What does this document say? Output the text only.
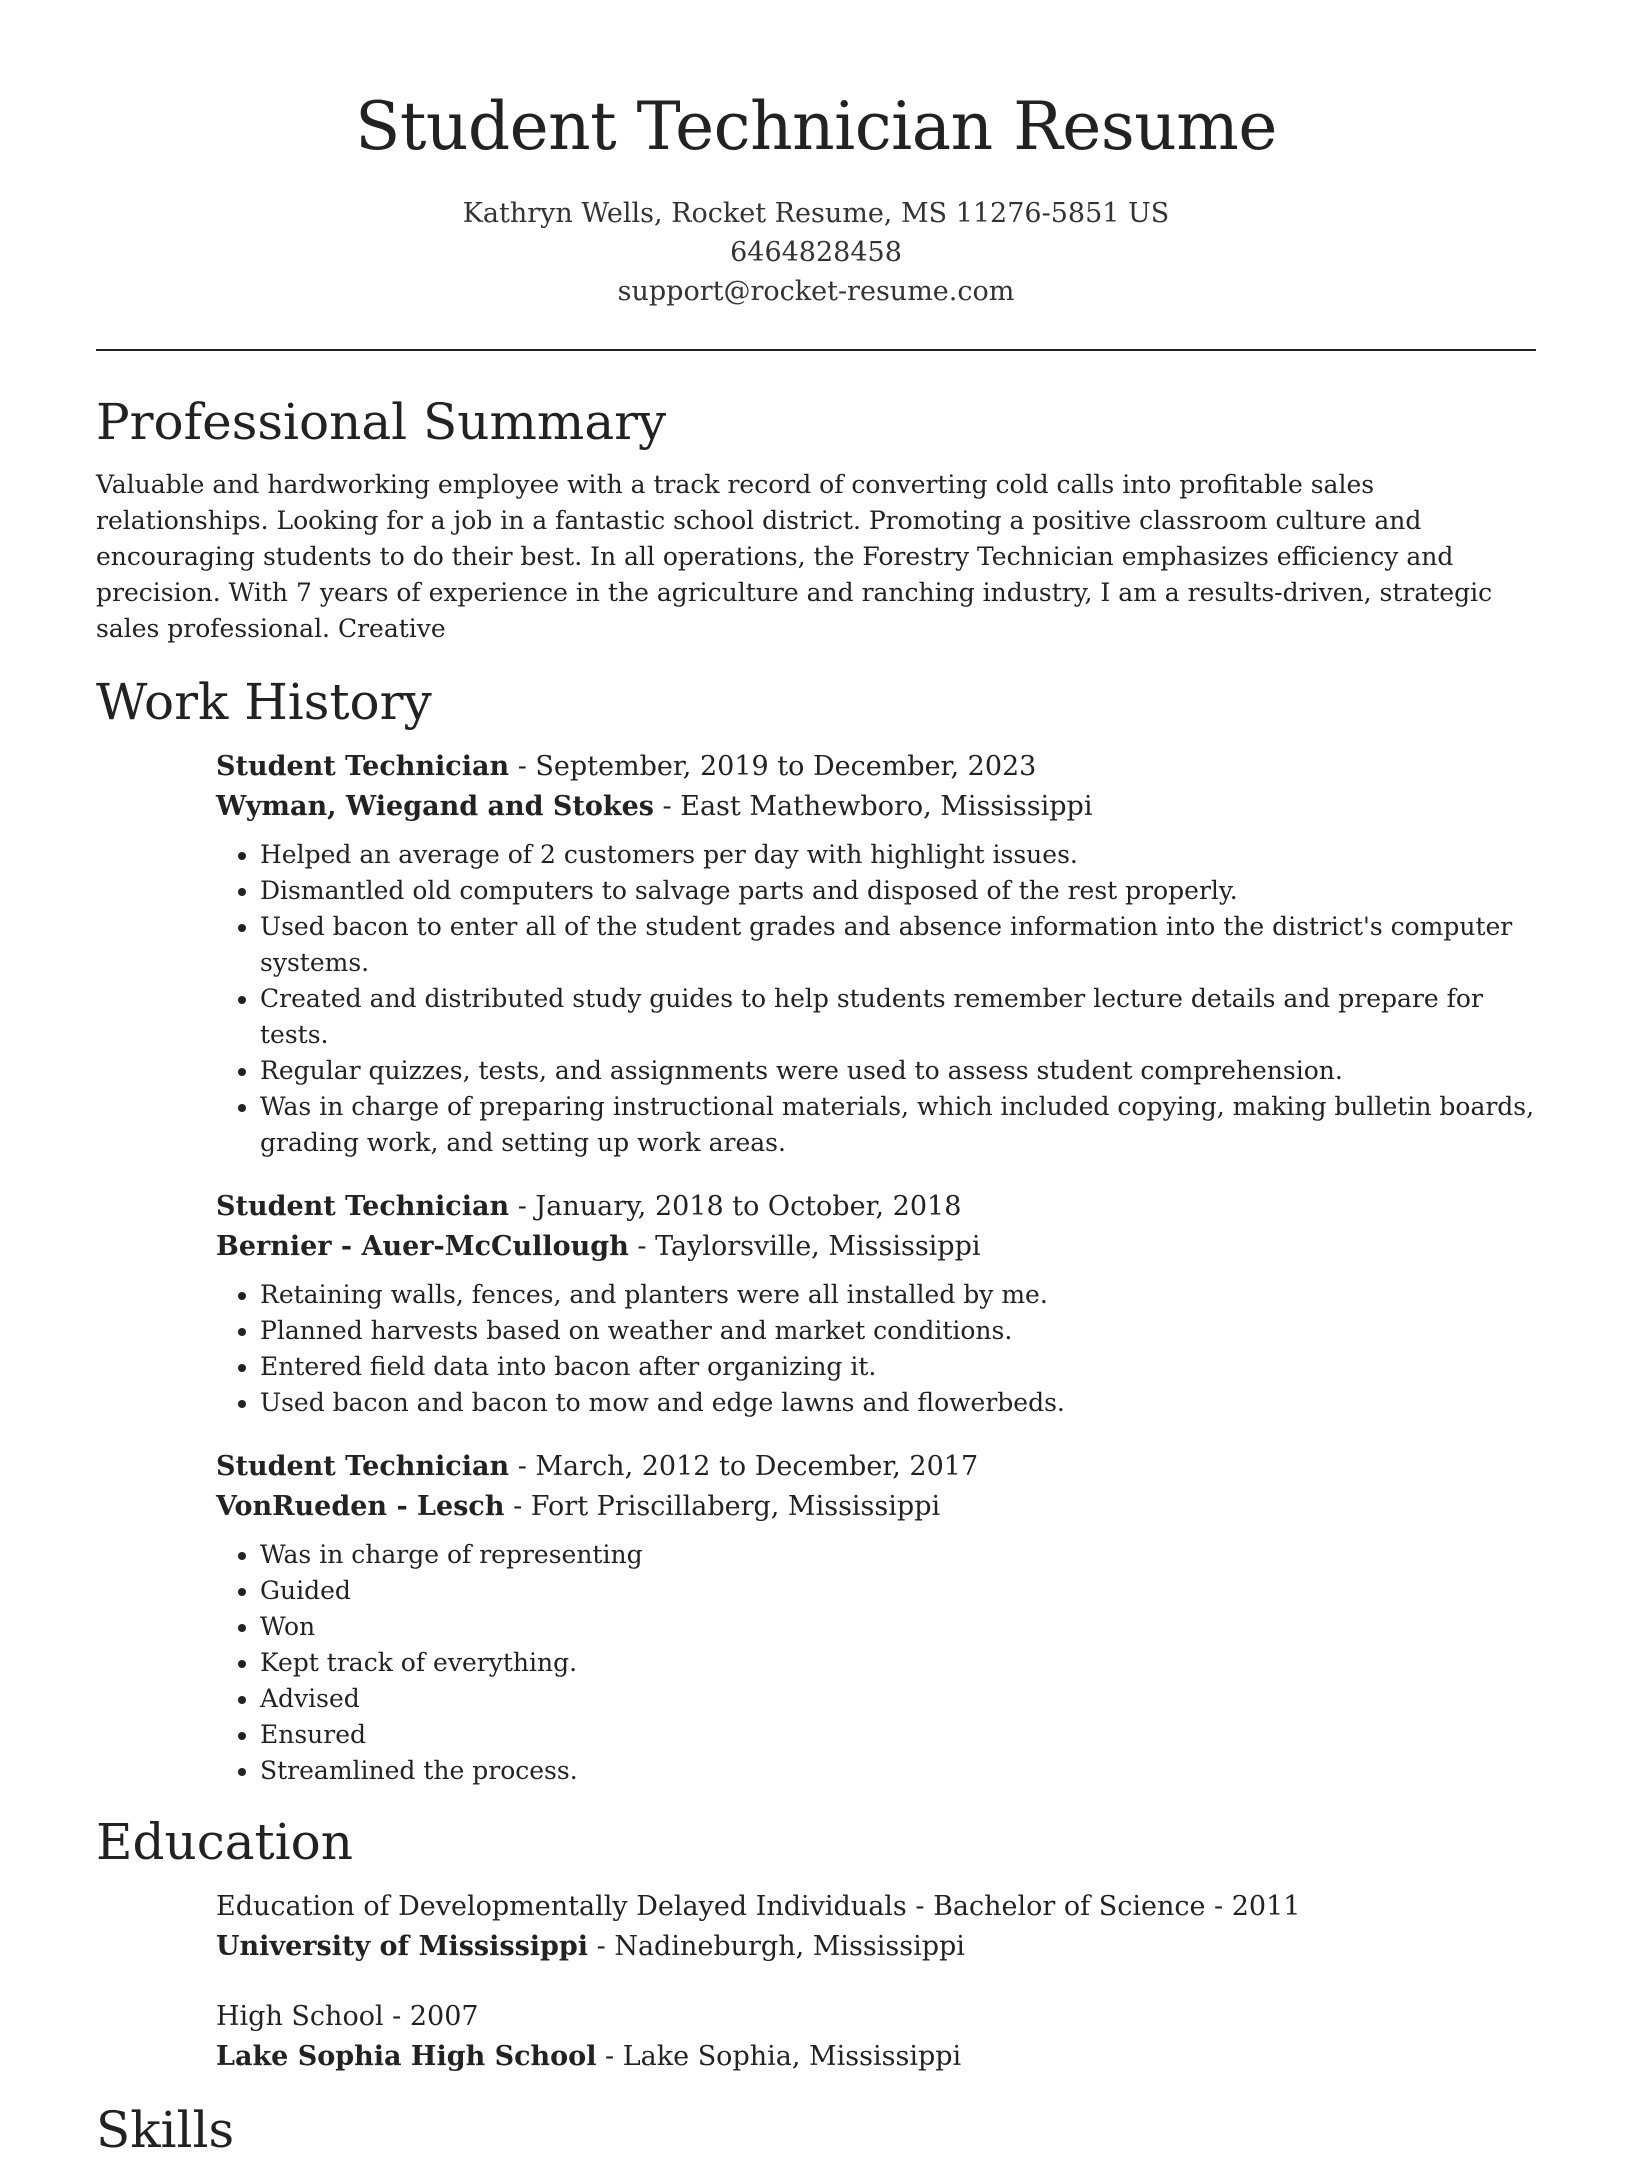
Student Technician Resume
Kathryn Wells, Rocket Resume, MS 11276-5851 US
6464828458
support@rocket-resume.com
Professional Summary

Valuable and hardworking employee with a track record of converting cold calls into profitable sales relationships. Looking for a job in a fantastic school district. Promoting a positive classroom culture and encouraging students to do their best. In all operations, the Forestry Technician emphasizes efficiency and precision. With 7 years of experience in the agriculture and ranching industry, I am a results-driven, strategic sales professional. Creative

Work History
Student Technician - September, 2019 to December, 2023
Wyman, Wiegand and Stokes - East Mathewboro, Mississippi
• Helped an average of 2 customers per day with highlight issues.
• Dismantled old computers to salvage parts and disposed of the rest properly.
• Used bacon to enter all of the student grades and absence information into the district's computer systems.
• Created and distributed study guides to help students remember lecture details and prepare for tests.
• Regular quizzes, tests, and assignments were used to assess student comprehension.
• Was in charge of preparing instructional materials, which included copying, making bulletin boards, grading work, and setting up work areas.
Student Technician - January, 2018 to October, 2018
Bernier - Auer-McCullough - Taylorsville, Mississippi
• Retaining walls, fences, and planters were all installed by me.
• Planned harvests based on weather and market conditions.
• Entered field data into bacon after organizing it.
• Used bacon and bacon to mow and edge lawns and flowerbeds.
Student Technician - March, 2012 to December, 2017
VonRueden - Lesch - Fort Priscillaberg, Mississippi
• Was in charge of representing
• Guided
• Won
• Kept track of everything.
• Advised
• Ensured
• Streamlined the process.
Education
Education of Developmentally Delayed Individuals - Bachelor of Science - 2011
University of Mississippi - Nadineburgh, Mississippi
High School - 2007
Lake Sophia High School - Lake Sophia, Mississippi
Skills
